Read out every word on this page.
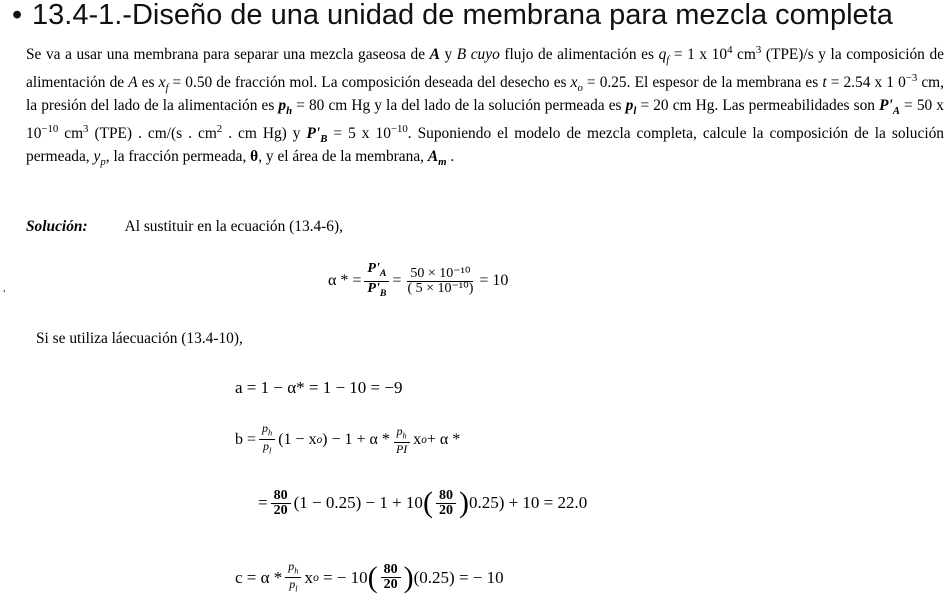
• 13.4-1.-Diseño de una unidad de membrana para mezcla completa

Se va a usar una membrana para separar una mezcla gaseosa de A y B cuyo flujo de alimentación es $q_f = 1$ x $10^4$ $cm^3$ (TPE)/s y la composición de alimentación de A es $x_f = 0.50$ de fracción mol. La composición deseada del desecho es $x_o = 0.25$. El espesor de la membrana es t = 2.54 x 1 $0^{-3}$ cm, la presión del lado de la alimentación es $p_h = 80$ cm Hg y la del lado de la solución permeada es $p_l = 20$ cm Hg. Las permeabilidades son $P'_A = 50$ x $10^{-10}$ $cm^3$ (TPE) . cm/(s . $cm^2$ . cm Hg) y $P'_B = 5$ x $10^{-10}$. Suponiendo el modelo de mezcla completa, calcule la composición de la solución permeada, $y_p$, la fracción permeada, θ, y el área de la membrana, $A_m$ .

Solución: Al sustituir en la ecuación (13.4-6),
α * = $\frac{P'_A}{P'_B} = \frac{\text{50 × 10⁻¹⁰}}{\text{( 5 × 10⁻¹⁰)}} = 10$
,
Si se utiliza láecuación (13.4-10),
a = 1 − α* = 1 − 10 = −9
$b = \frac{p_h}{p_l} (1 - x$ o ) − $1 + \alpha * \frac{p_h}{PI}$ x o + α *
= $\frac{80}{20} (1 - 0.25) - 1 + 10$ ( $\frac{80}{20}$ ) 0.25) + 10 = 22.0
$c = \alpha * \frac{p_h}{p_l}$ x o = − 10 ( $\frac{80}{20}$ ) (0.25) = − 10
